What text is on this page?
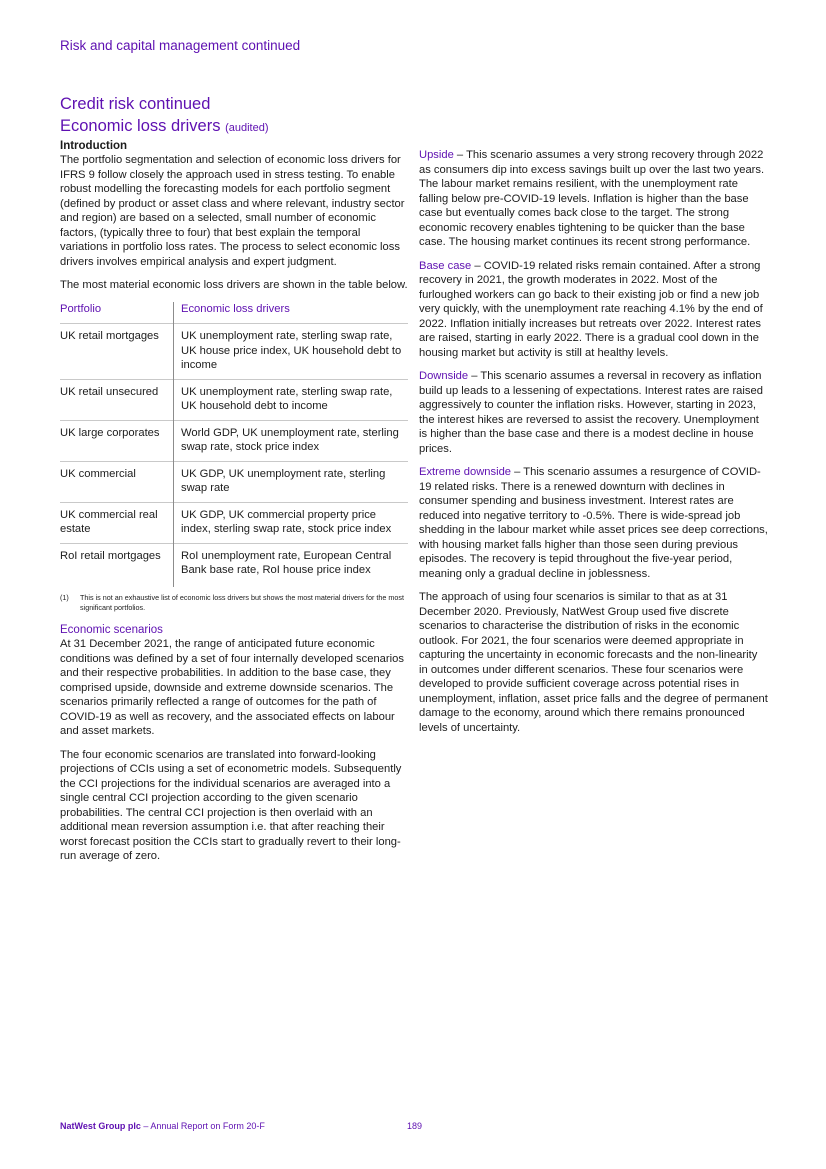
Risk and capital management continued
Credit risk continued
Economic loss drivers (audited)
Introduction

The portfolio segmentation and selection of economic loss drivers for IFRS 9 follow closely the approach used in stress testing. To enable robust modelling the forecasting models for each portfolio segment (defined by product or asset class and where relevant, industry sector and region) are based on a selected, small number of economic factors, (typically three to four) that best explain the temporal variations in portfolio loss rates. The process to select economic loss drivers involves empirical analysis and expert judgment.

The most material economic loss drivers are shown in the table below.

Portfolio	Economic loss drivers
UK retail mortgages	UK unemployment rate, sterling swap rate, UK house price index, UK household debt to income
UK retail unsecured	UK unemployment rate, sterling swap rate, UK household debt to income
UK large corporates	World GDP, UK unemployment rate, sterling swap rate, stock price index
UK commercial	UK GDP, UK unemployment rate, sterling swap rate
UK commercial real estate	UK GDP, UK commercial property price index, sterling swap rate, stock price index
RoI retail mortgages	RoI unemployment rate, European Central Bank base rate, RoI house price index
(1)	This is not an exhaustive list of economic loss drivers but shows the most material drivers for the most significant portfolios.
Economic scenarios

At 31 December 2021, the range of anticipated future economic conditions was defined by a set of four internally developed scenarios and their respective probabilities. In addition to the base case, they comprised upside, downside and extreme downside scenarios. The scenarios primarily reflected a range of outcomes for the path of COVID-19 as well as recovery, and the associated effects on labour and asset markets.

The four economic scenarios are translated into forward-looking projections of CCIs using a set of econometric models. Subsequently the CCI projections for the individual scenarios are averaged into a single central CCI projection according to the given scenario probabilities. The central CCI projection is then overlaid with an additional mean reversion assumption i.e. that after reaching their worst forecast position the CCIs start to gradually revert to their long-run average of zero.

Upside – This scenario assumes a very strong recovery through 2022 as consumers dip into excess savings built up over the last two years. The labour market remains resilient, with the unemployment rate falling below pre-COVID-19 levels. Inflation is higher than the base case but eventually comes back close to the target. The strong economic recovery enables tightening to be quicker than the base case. The housing market continues its recent strong performance.

Base case – COVID-19 related risks remain contained. After a strong recovery in 2021, the growth moderates in 2022. Most of the furloughed workers can go back to their existing job or find a new job very quickly, with the unemployment rate reaching 4.1% by the end of 2022. Inflation initially increases but retreats over 2022. Interest rates are raised, starting in early 2022. There is a gradual cool down in the housing market but activity is still at healthy levels.

Downside – This scenario assumes a reversal in recovery as inflation build up leads to a lessening of expectations. Interest rates are raised aggressively to counter the inflation risks. However, starting in 2023, the interest hikes are reversed to assist the recovery. Unemployment is higher than the base case and there is a modest decline in house prices.

Extreme downside – This scenario assumes a resurgence of COVID-19 related risks. There is a renewed downturn with declines in consumer spending and business investment. Interest rates are reduced into negative territory to -0.5%. There is wide-spread job shedding in the labour market while asset prices see deep corrections, with housing market falls higher than those seen during previous episodes. The recovery is tepid throughout the five-year period, meaning only a gradual decline in joblessness.

The approach of using four scenarios is similar to that as at 31 December 2020. Previously, NatWest Group used five discrete scenarios to characterise the distribution of risks in the economic outlook. For 2021, the four scenarios were deemed appropriate in capturing the uncertainty in economic forecasts and the non-linearity in outcomes under different scenarios. These four scenarios were developed to provide sufficient coverage across potential rises in unemployment, inflation, asset price falls and the degree of permanent damage to the economy, around which there remains pronounced levels of uncertainty.

NatWest Group plc – Annual Report on Form 20-F	189
